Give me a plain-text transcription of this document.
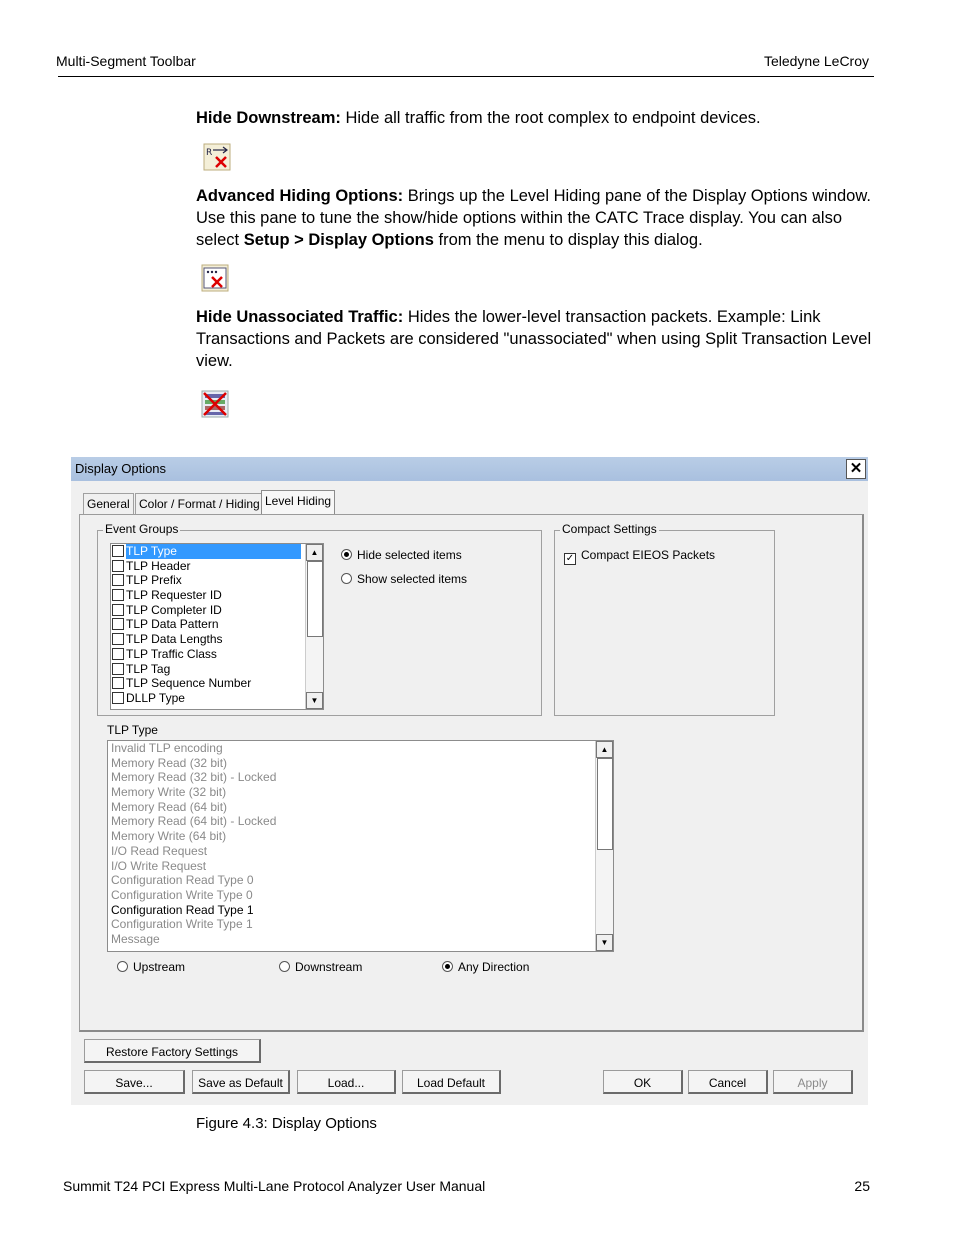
Multi-Segment Toolbar	Teledyne LeCroy
Hide Downstream: Hide all traffic from the root complex to endpoint devices.
R
Advanced Hiding Options: Brings up the Level Hiding pane of the Display Options window. Use this pane to tune the show/hide options within the CATC Trace display. You can also select Setup > Display Options from the menu to display this dialog.
Hide Unassociated Traffic: Hides the lower-level transaction packets. Example: Link Transactions and Packets are considered "unassociated" when using Split Transaction Level view.
Display Options	✕
General Color / Format / Hiding Level Hiding
Event Groups
TLP Type
TLP Header
TLP Prefix
TLP Requester ID
TLP Completer ID
TLP Data Pattern
TLP Data Lengths
TLP Traffic Class
TLP Tag
TLP Sequence Number
DLLP Type
▲
▼
Hide selected items
Show selected items
Compact Settings
✓ Compact EIEOS Packets
TLP Type
Invalid TLP encoding
Memory Read (32 bit)
Memory Read (32 bit) - Locked
Memory Write (32 bit)
Memory Read (64 bit)
Memory Read (64 bit) - Locked
Memory Write (64 bit)
I/O Read Request
I/O Write Request
Configuration Read Type 0
Configuration Write Type 0
Configuration Read Type 1
Configuration Write Type 1
Message
▲
▼
Upstream	Downstream	Any Direction
Restore Factory Settings
Save...	Save as Default	Load...	Load Default	OK	Cancel	Apply
Figure 4.3: Display Options
Summit T24 PCI Express Multi-Lane Protocol Analyzer User Manual	25
